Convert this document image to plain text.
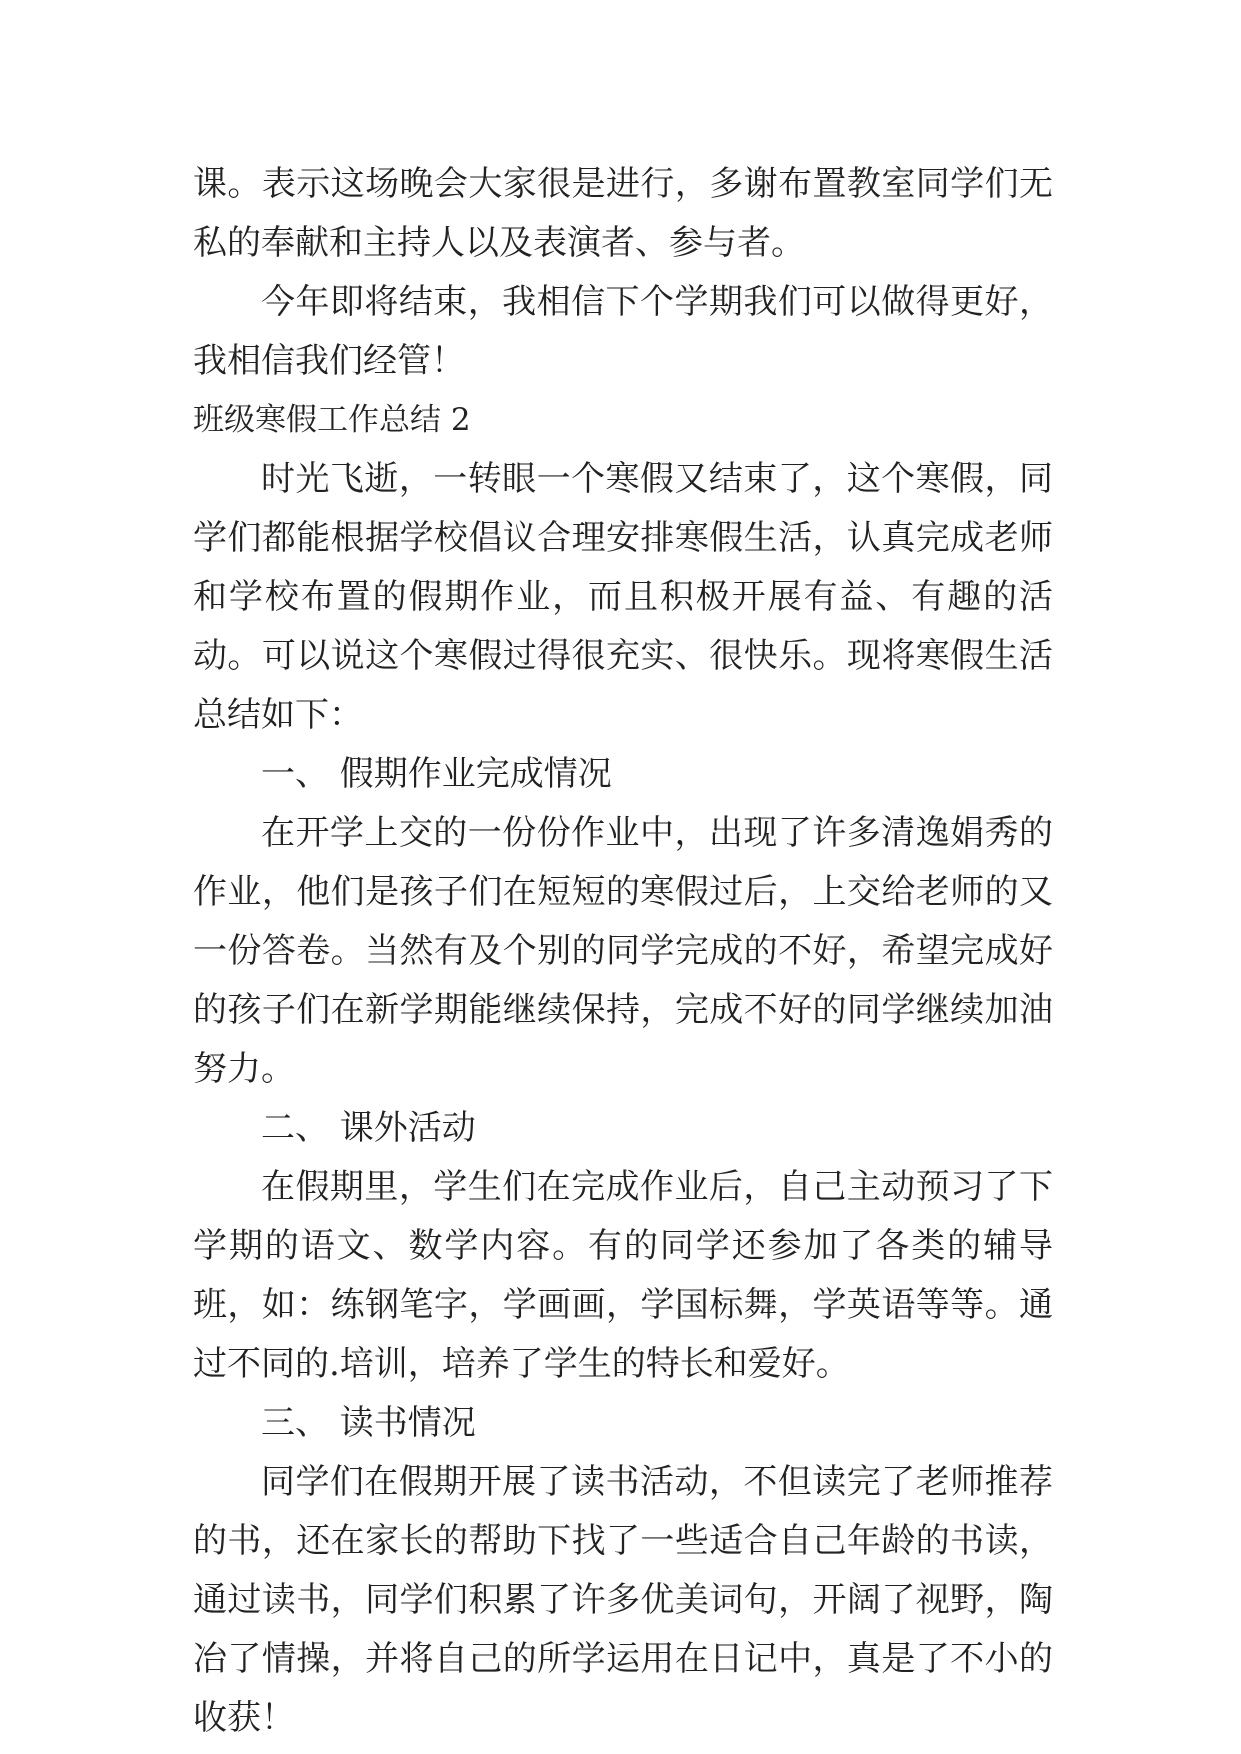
课。表示这场晚会大家很是进行，多谢布置教室同学们无私的奉献和主持人以及表演者、参与者。

今年即将结束，我相信下个学期我们可以做得更好，我相信我们经管！

班级寒假工作总结 2

时光飞逝，一转眼一个寒假又结束了，这个寒假，同学们都能根据学校倡议合理安排寒假生活，认真完成老师和学校布置的假期作业，而且积极开展有益、有趣的活动。可以说这个寒假过得很充实、很快乐。现将寒假生活总结如下：

一、 假期作业完成情况

在开学上交的一份份作业中，出现了许多清逸娟秀的作业，他们是孩子们在短短的寒假过后，上交给老师的又一份答卷。当然有及个别的同学完成的不好，希望完成好的孩子们在新学期能继续保持，完成不好的同学继续加油努力。

二、 课外活动

在假期里，学生们在完成作业后，自己主动预习了下学期的语文、数学内容。有的同学还参加了各类的辅导班，如：练钢笔字，学画画，学国标舞，学英语等等。通过不同的.培训，培养了学生的特长和爱好。

三、 读书情况

同学们在假期开展了读书活动，不但读完了老师推荐的书，还在家长的帮助下找了一些适合自己年龄的书读，通过读书，同学们积累了许多优美词句，开阔了视野，陶冶了情操，并将自己的所学运用在日记中，真是了不小的收获！
